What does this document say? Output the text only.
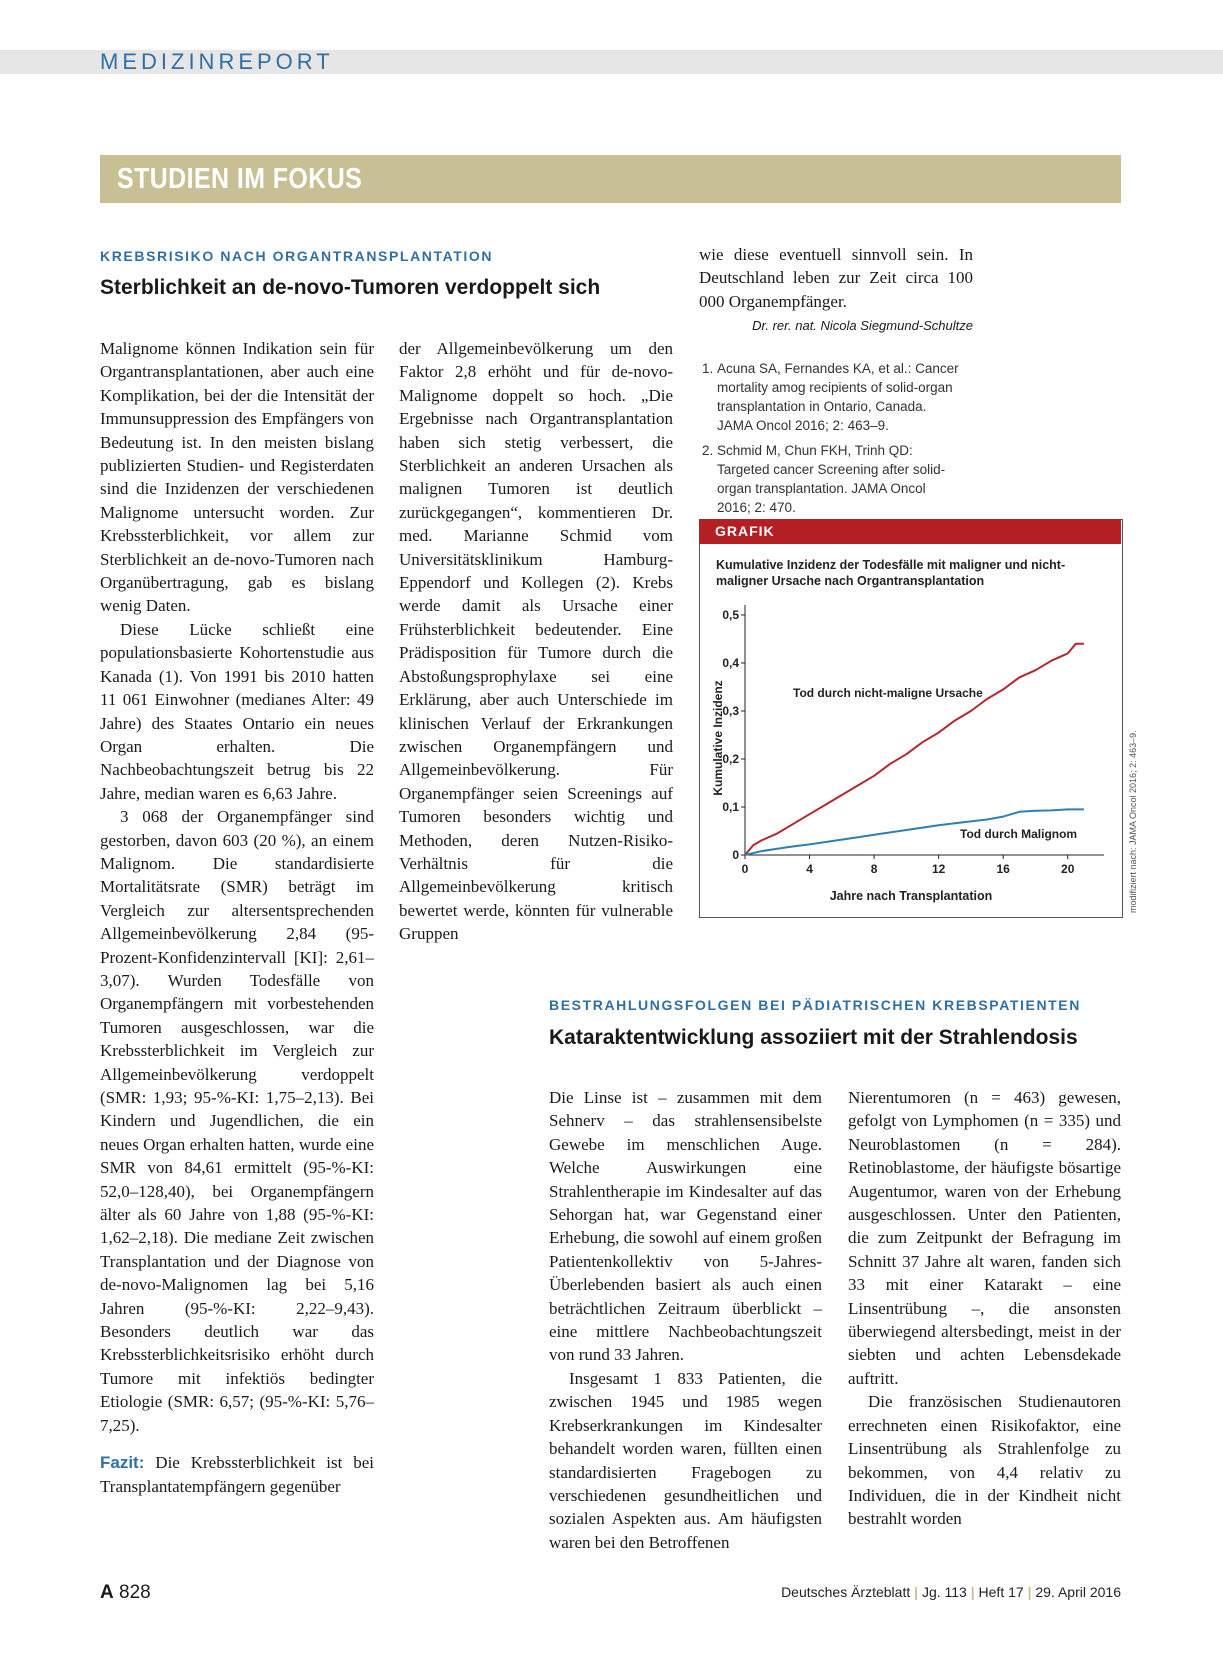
MEDIZINREPORT
STUDIEN IM FOKUS
KREBSRISIKO NACH ORGANTRANSPLANTATION
Sterblichkeit an de-novo-Tumoren verdoppelt sich

Malignome können Indikation sein für Organtransplantationen, aber auch eine Komplikation, bei der die Intensität der Immunsuppression des Empfängers von Bedeutung ist. In den meisten bislang publizierten Studien- und Registerdaten sind die Inzidenzen der verschiedenen Malignome untersucht worden. Zur Krebssterblichkeit, vor allem zur Sterblichkeit an de-novo-Tumoren nach Organübertragung, gab es bislang wenig Daten.

Diese Lücke schließt eine populationsbasierte Kohortenstudie aus Kanada (1). Von 1991 bis 2010 hatten 11 061 Einwohner (medianes Alter: 49 Jahre) des Staates Ontario ein neues Organ erhalten. Die Nachbeobachtungszeit betrug bis 22 Jahre, median waren es 6,63 Jahre.

3 068 der Organempfänger sind gestorben, davon 603 (20 %), an einem Malignom. Die standardisierte Mortalitätsrate (SMR) beträgt im Vergleich zur altersentsprechenden Allgemeinbevölkerung 2,84 (95-Prozent-Konfidenzintervall [KI]: 2,61–3,07). Wurden Todesfälle von Organempfängern mit vorbestehenden Tumoren ausgeschlossen, war die Krebssterblichkeit im Vergleich zur Allgemeinbevölkerung verdoppelt (SMR: 1,93; 95-%-KI: 1,75–2,13). Bei Kindern und Jugendlichen, die ein neues Organ erhalten hatten, wurde eine SMR von 84,61 ermittelt (95-%-KI: 52,0–128,40), bei Organempfängern älter als 60 Jahre von 1,88 (95-%-KI: 1,62–2,18). Die mediane Zeit zwischen Transplantation und der Diagnose von de-novo-Malignomen lag bei 5,16 Jahren (95-%-KI: 2,22–9,43). Besonders deutlich war das Krebssterblichkeitsrisiko erhöht durch Tumore mit infektiös bedingter Etiologie (SMR: 6,57; (95-%-KI: 5,76–7,25).

Fazit: Die Krebssterblichkeit ist bei Transplantatempfängern gegenüber

der Allgemeinbevölkerung um den Faktor 2,8 erhöht und für de-novo-Malignome doppelt so hoch. „Die Ergebnisse nach Organtransplantation haben sich stetig verbessert, die Sterblichkeit an anderen Ursachen als malignen Tumoren ist deutlich zurückgegangen“, kommentieren Dr. med. Marianne Schmid vom Universitätsklinikum Hamburg-Eppendorf und Kollegen (2). Krebs werde damit als Ursache einer Frühsterblichkeit bedeutender. Eine Prädisposition für Tumore durch die Abstoßungsprophylaxe sei eine Erklärung, aber auch Unterschiede im klinischen Verlauf der Erkrankungen zwischen Organempfängern und Allgemeinbevölkerung. Für Organempfänger seien Screenings auf Tumoren besonders wichtig und Methoden, deren Nutzen-Risiko-Verhältnis für die Allgemeinbevölkerung kritisch bewertet werde, könnten für vulnerable Gruppen

wie diese eventuell sinnvoll sein. In Deutschland leben zur Zeit circa 100 000 Organempfänger.

Dr. rer. nat. Nicola Siegmund-Schultze
1. Acuna SA, Fernandes KA, et al.: Cancer mortality amog recipients of solid-organ transplantation in Ontario, Canada. JAMA Oncol 2016; 2: 463–9.
2. Schmid M, Chun FKH, Trinh QD: Targeted cancer Screening after solid-organ transplantation. JAMA Oncol 2016; 2: 470.
GRAFIK
Kumulative Inzidenz der Todesfälle mit maligner und nicht-maligner Ursache nach Organtransplantation
0
0,1
0,2
0,3
0,4
0,5
0	4	8	12	16	20
Kumulative Inzidenz
Jahre nach Transplantation
Tod durch nicht-maligne Ursache
Tod durch Malignom	modifiziert nach: JAMA Oncol 2016; 2: 463–9.
BESTRAHLUNGSFOLGEN BEI PÄDIATRISCHEN KREBSPATIENTEN
Kataraktentwicklung assoziiert mit der Strahlendosis

Die Linse ist – zusammen mit dem Sehnerv – das strahlensensibelste Gewebe im menschlichen Auge. Welche Auswirkungen eine Strahlentherapie im Kindesalter auf das Sehorgan hat, war Gegenstand einer Erhebung, die sowohl auf einem großen Patientenkollektiv von 5-Jahres-Überlebenden basiert als auch einen beträchtlichen Zeitraum überblickt – eine mittlere Nachbeobachtungszeit von rund 33 Jahren.

Insgesamt 1 833 Patienten, die zwischen 1945 und 1985 wegen Krebserkrankungen im Kindesalter behandelt worden waren, füllten einen standardisierten Fragebogen zu verschiedenen gesundheitlichen und sozialen Aspekten aus. Am häufigsten waren bei den Betroffenen

Nierentumoren (n = 463) gewesen, gefolgt von Lymphomen (n = 335) und Neuroblastomen (n = 284). Retinoblastome, der häufigste bösartige Augentumor, waren von der Erhebung ausgeschlossen. Unter den Patienten, die zum Zeitpunkt der Befragung im Schnitt 37 Jahre alt waren, fanden sich 33 mit einer Katarakt – eine Linsentrübung –, die ansonsten überwiegend altersbedingt, meist in der siebten und achten Lebensdekade auftritt.

Die französischen Studienautoren errechneten einen Risikofaktor, eine Linsentrübung als Strahlenfolge zu bekommen, von 4,4 relativ zu Individuen, die in der Kindheit nicht bestrahlt worden

A 828	Deutsches Ärzteblatt | Jg. 113 | Heft 17 | 29. April 2016
